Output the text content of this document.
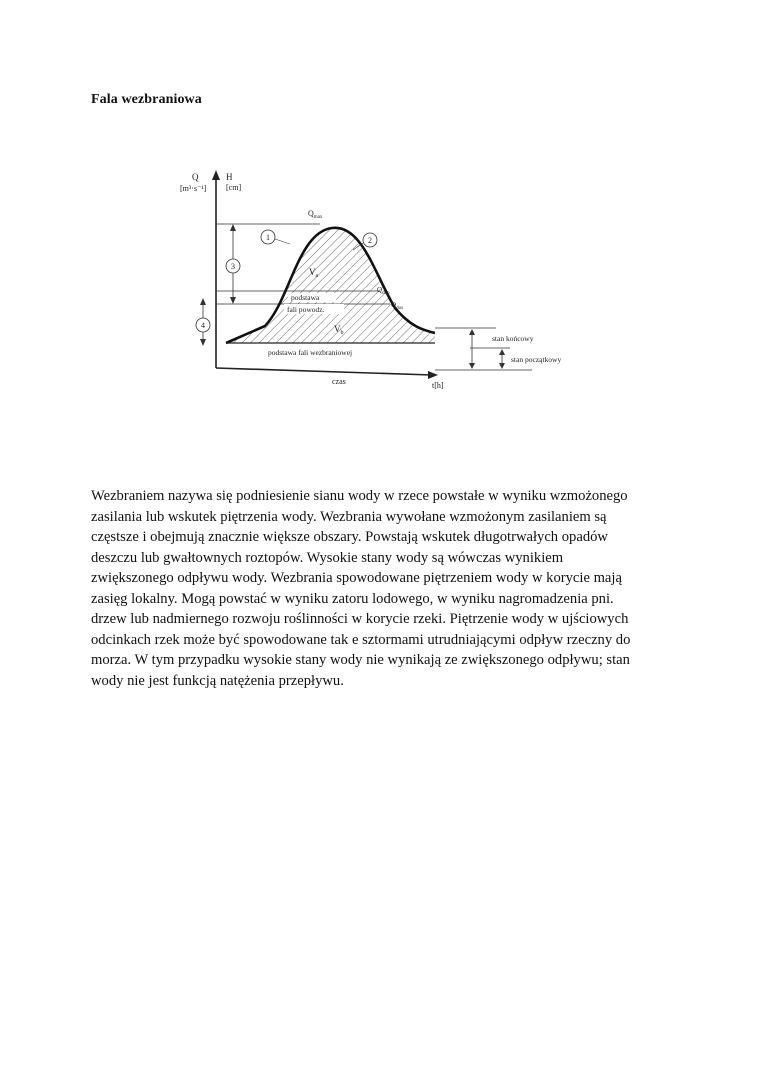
Fala wezbraniowa
Q
[m³·s⁻¹]
H
[cm]
czas	t[h]
$Q_{max}$
$Q_{dop}$
$Q_{dos}$
$V_a$
$V_b$
podstawa
fali powodz.
podstawa fali wezbraniowej
stan końcowy
stan początkowy
1	2
3
4

Wezbraniem nazywa się podniesienie sianu wody w rzece powstałe w wyniku wzmożonego
zasilania lub wskutek piętrzenia wody. Wezbrania wywołane wzmożonym zasilaniem są
częstsze i obejmują znacznie większe obszary. Powstają wskutek długotrwałych opadów
deszczu lub gwałtownych roztopów. Wysokie stany wody są wówczas wynikiem
zwiększonego odpływu wody. Wezbrania spowodowane piętrzeniem wody w korycie mają
zasięg lokalny. Mogą powstać w wyniku zatoru lodowego, w wyniku nagromadzenia pni.
drzew lub nadmiernego rozwoju roślinności w korycie rzeki. Piętrzenie wody w ujściowych
odcinkach rzek może być spowodowane tak e sztormami utrudniającymi odpływ rzeczny do
morza. W tym przypadku wysokie stany wody nie wynikają ze zwiększonego odpływu; stan
wody nie jest funkcją natężenia przepływu.
